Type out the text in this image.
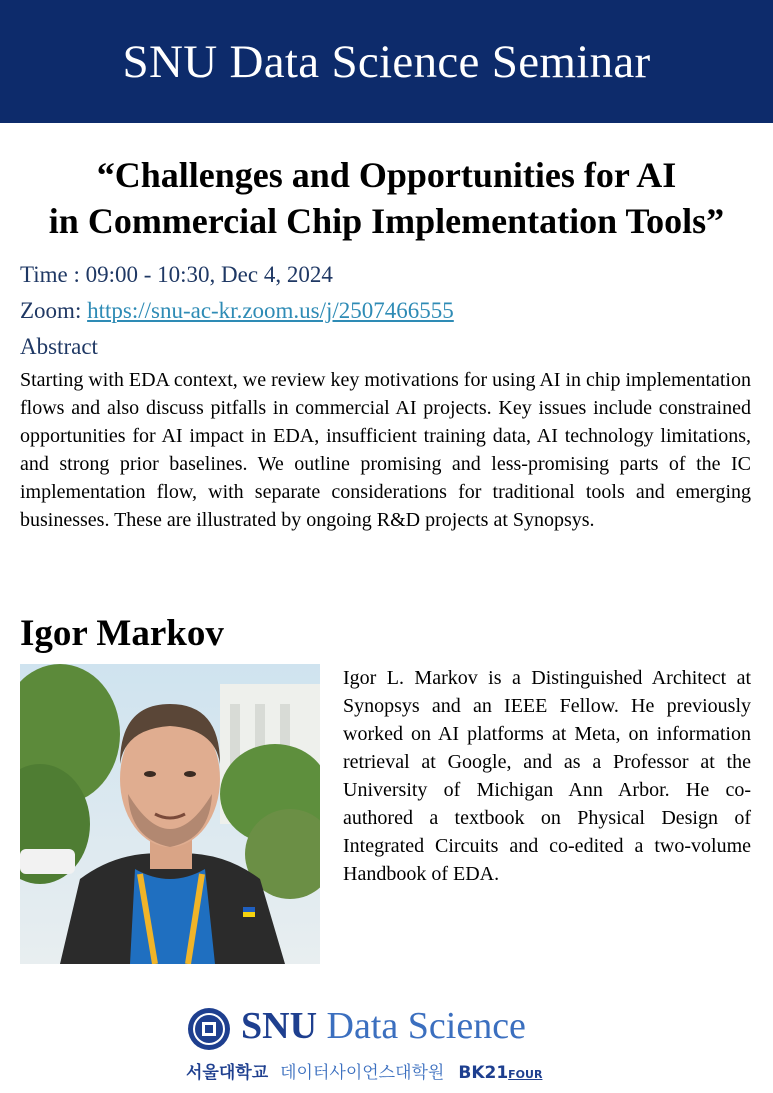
SNU Data Science Seminar
“Challenges and Opportunities for AI
in Commercial Chip Implementation Tools”
Time : 09:00 - 10:30, Dec 4, 2024
Zoom: https://snu-ac-kr.zoom.us/j/2507466555
Abstract
Starting with EDA context, we review key motivations for using AI in chip implementation flows and also discuss pitfalls in commercial AI projects. Key issues include constrained opportunities for AI impact in EDA, insufficient training data, AI technology limitations, and strong prior baselines. We outline promising and less-promising parts of the IC implementation flow, with separate considerations for traditional tools and emerging businesses. These are illustrated by ongoing R&D projects at Synopsys.
Igor Markov
Igor L. Markov is a Distinguished Architect at Synopsys and an IEEE Fellow. He previously worked on AI platforms at Meta, on information retrieval at Google, and as a Professor at the University of Michigan Ann Arbor. He co-authored a textbook on Physical Design of Integrated Circuits and co-edited a two-volume Handbook of EDA.
SNU Data Science
서울대학교 데이터사이언스대학원 BK21FOUR
